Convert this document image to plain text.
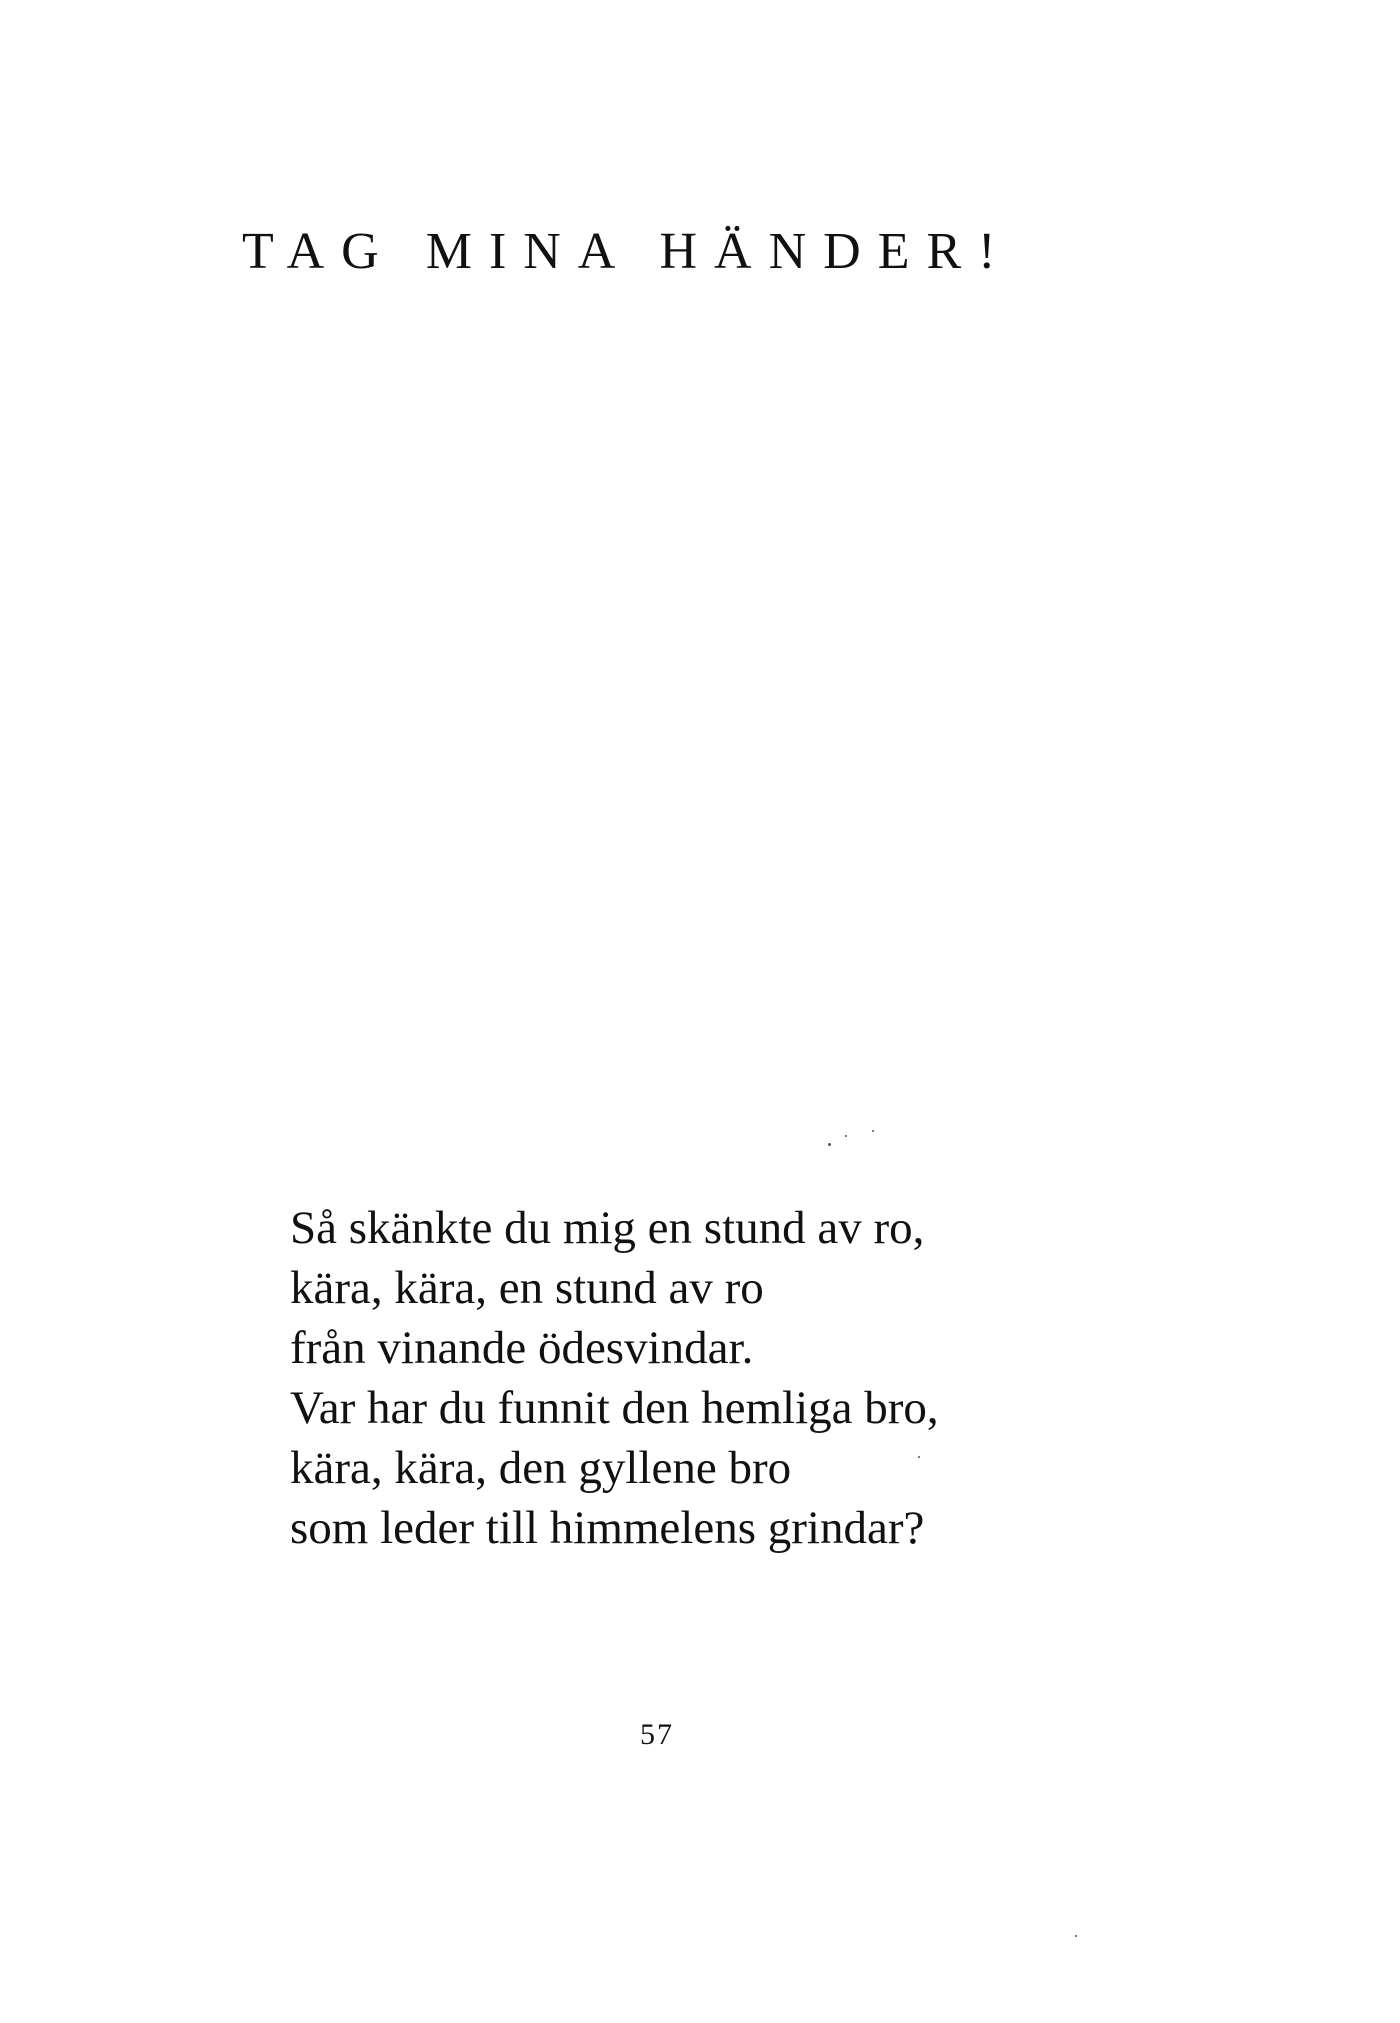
TAG MINA HÄNDER!
Så skänkte du mig en stund av ro,
kära, kära, en stund av ro
från vinande ödesvindar.
Var har du funnit den hemliga bro,
kära, kära, den gyllene bro
som leder till himmelens grindar?
57
